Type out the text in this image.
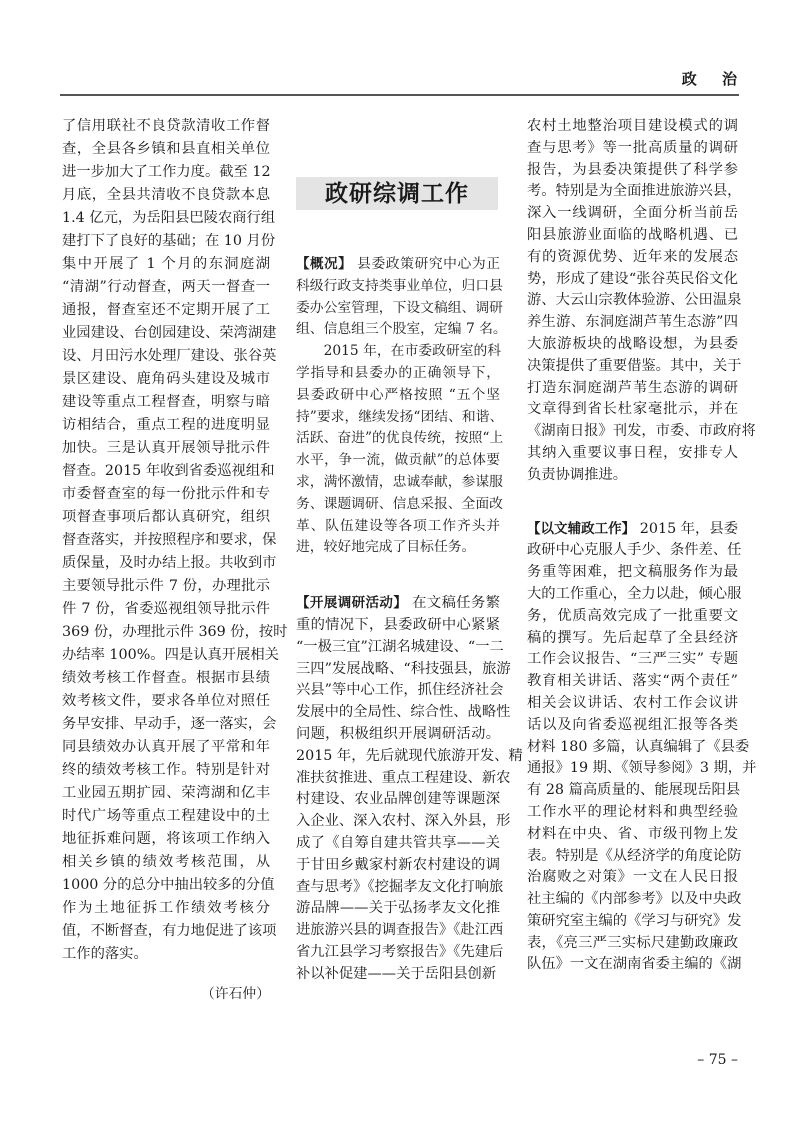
政 治
政研综调工作
了信用联社不良贷款清收工作督
查，全县各乡镇和县直相关单位
进一步加大了工作力度。截至 12
月底，全县共清收不良贷款本息
1.4 亿元，为岳阳县巴陵农商行组
建打下了良好的基础；在 10 月份
集中开展了 1 个月的东洞庭湖
“清湖”行动督查，两天一督查一
通报，督查室还不定期开展了工
业园建设、台创园建设、荣湾湖建
设、月田污水处理厂建设、张谷英
景区建设、鹿角码头建设及城市
建设等重点工程督查，明察与暗
访相结合，重点工程的进度明显
加快。三是认真开展领导批示件
督查。2015 年收到省委巡视组和
市委督查室的每一份批示件和专
项督查事项后都认真研究，组织
督查落实，并按照程序和要求，保
质保量，及时办结上报。共收到市
主要领导批示件 7 份，办理批示
件 7 份，省委巡视组领导批示件
369 份，办理批示件 369 份，按时
办结率 100%。四是认真开展相关
绩效考核工作督查。根据市县绩
效考核文件，要求各单位对照任
务早安排、早动手，逐一落实，会
同县绩效办认真开展了平常和年
终的绩效考核工作。特别是针对
工业园五期扩园、荣湾湖和亿丰
时代广场等重点工程建设中的土
地征拆难问题，将该项工作纳入
相关乡镇的绩效考核范围，从
1000 分的总分中抽出较多的分值
作为土地征拆工作绩效考核分
值，不断督查，有力地促进了该项
工作的落实。
（许石仲）
【概况】 县委政策研究中心为正
科级行政支持类事业单位，归口县
委办公室管理，下设文稿组、调研
组、信息组三个股室，定编 7 名。
2015 年，在市委政研室的科
学指导和县委办的正确领导下，
县委政研中心严格按照 “五个坚
持”要求，继续发扬“团结、和谐、
活跃、奋进”的优良传统，按照“上
水平，争一流，做贡献”的总体要
求，满怀激情，忠诚奉献，参谋服
务、课题调研、信息采报、全面改
革、队伍建设等各项工作齐头并
进，较好地完成了目标任务。
【开展调研活动】 在文稿任务繁
重的情况下，县委政研中心紧紧
“一极三宜”江湖名城建设、“一二
三四”发展战略、“科技强县，旅游
兴县”等中心工作，抓住经济社会
发展中的全局性、综合性、战略性
问题，积极组织开展调研活动。
2015 年，先后就现代旅游开发、精
准扶贫推进、重点工程建设、新农
村建设、农业品牌创建等课题深
入企业、深入农村、深入外县，形
成了《自筹自建共管共享——关
于甘田乡戴家村新农村建设的调
查与思考》《挖掘孝友文化打响旅
游品牌——关于弘扬孝友文化推
进旅游兴县的调查报告》《赴江西
省九江县学习考察报告》《先建后
补以补促建——关于岳阳县创新
农村土地整治项目建设模式的调
查与思考》等一批高质量的调研
报告，为县委决策提供了科学参
考。特别是为全面推进旅游兴县，
深入一线调研，全面分析当前岳
阳县旅游业面临的战略机遇、已
有的资源优势、近年来的发展态
势，形成了建设“张谷英民俗文化
游、大云山宗教体验游、公田温泉
养生游、东洞庭湖芦苇生态游”四
大旅游板块的战略设想，为县委
决策提供了重要借鉴。其中，关于
打造东洞庭湖芦苇生态游的调研
文章得到省长杜家毫批示，并在
《湖南日报》刊发，市委、市政府将
其纳入重要议事日程，安排专人
负责协调推进。
【以文辅政工作】 2015 年，县委
政研中心克服人手少、条件差、任
务重等困难，把文稿服务作为最
大的工作重心，全力以赴，倾心服
务，优质高效完成了一批重要文
稿的撰写。先后起草了全县经济
工作会议报告、“三严三实” 专题
教育相关讲话、落实“两个责任”
相关会议讲话、农村工作会议讲
话以及向省委巡视组汇报等各类
材料 180 多篇，认真编辑了《县委
通报》19 期、《领导参阅》3 期，并
有 28 篇高质量的、能展现岳阳县
工作水平的理论材料和典型经验
材料在中央、省、市级刊物上发
表。特别是《从经济学的角度论防
治腐败之对策》一文在人民日报
社主编的《内部参考》以及中央政
策研究室主编的《学习与研究》发
表，《亮三严三实标尺建勤政廉政
队伍》一文在湖南省委主编的《湖
– 75 –
